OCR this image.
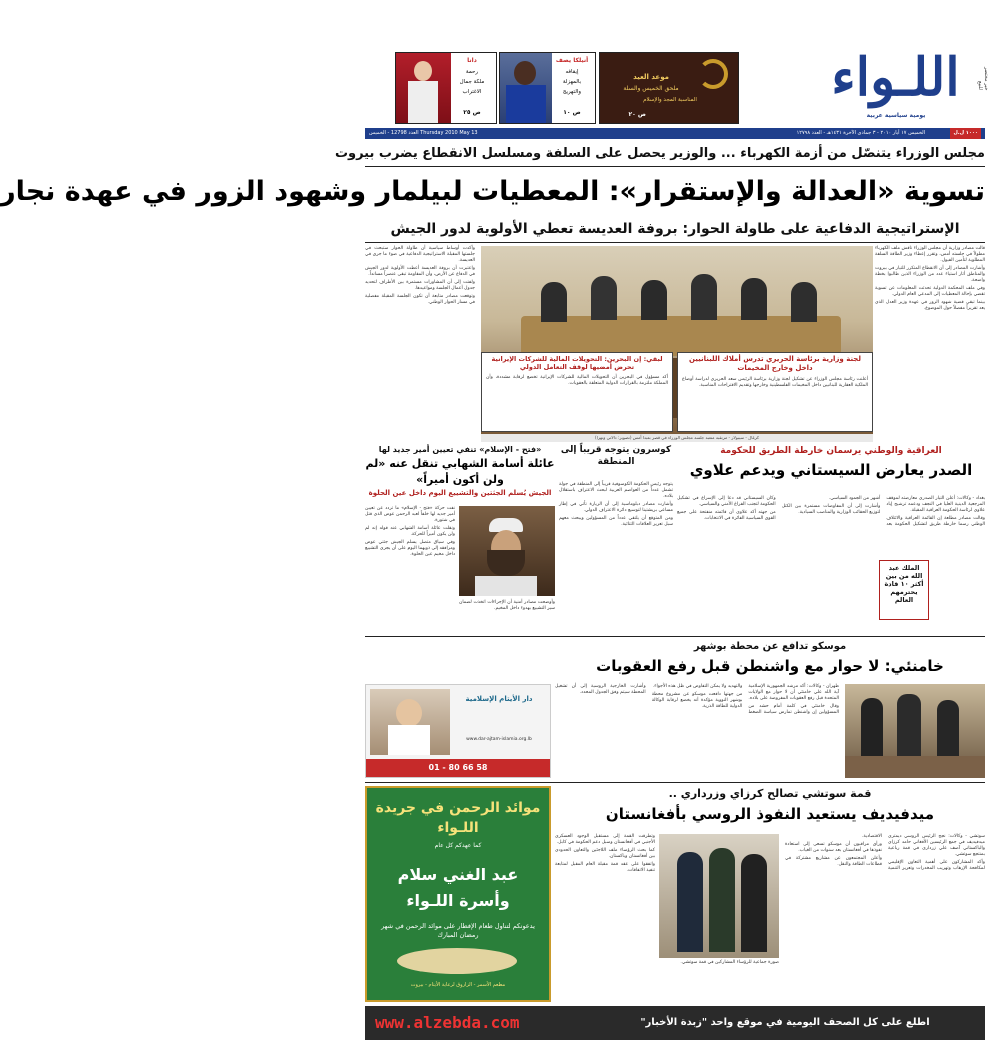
خبر مختصر للبيع
اللـواء
يومية سياسية عربية
موعد العيد
ملحق الخميس والسلة
المناسبة المجد والإسلام
ص ٢٠
أنيلكا يصف
إيقافه
بالمهزلة
والتهريج
ص ١٠
دانا
رحمة
ملكة جمال
الاغتراب
ص ٢٥
١٠٠٠ ل.ل
الخميس ١٧ أيار ٢٠١٠ - ٣ جمادى الآخرة ١٤٣١هـ - العدد ١٢٧٩٨
العدد 12798 - الخميس Thursday 2010 May 13
مجلس الوزراء يتنصّل من أزمة الكهرباء ... والوزير يحصل على السلفة ومسلسل الانقطاع يضرب بيروت
تسوية «العدالة والإستقرار»: المعطيات لبيلمار وشهود الزور في عهدة نجار
الإستراتيجية الدفاعية على طاولة الحوار: بروفة العديسة تعطي الأولوية لدور الجيش

قالت مصادر وزارية أن مجلس الوزراء ناقش ملف الكهرباء مطولاً في جلسته أمس، وتقرر إعطاء وزير الطاقة السلفة المطلوبة لتأمين الفيول.

وأشارت المصادر إلى أن الانقطاع المتكرر للتيار في بيروت والمناطق أثار استياء عدد من الوزراء الذين طالبوا بخطة واضحة.

وفي ملف المحكمة الدولية تحدثت المعلومات عن تسوية تقضي بإحالة المعطيات إلى المدعي العام الدولي.

بينما تبقى قضية شهود الزور في عهدة وزير العدل الذي يعد تقريراً مفصلاً حول الموضوع.

كرغال - سيبولار - مرتقبة متعبة جلسة مجلس الوزراء في قصر بعبدا أمس (تصوير: دالاتي ونهرا)

وأكدت أوساط سياسية أن طاولة الحوار ستبحث في جلستها المقبلة الاستراتيجية الدفاعية في ضوء ما جرى في العديسة.

واعتبرت أن بروفة العديسة أعطت الأولوية لدور الجيش في الدفاع عن الأرض، وأن المقاومة تبقى عنصراً مسانداً.

ولفتت إلى أن المشاورات مستمرة بين الأطراف لتحديد جدول أعمال الجلسة ومواعيدها.

وتوقعت مصادر متابعة أن تكون الجلسة المقبلة مفصلية في مسار الحوار الوطني.

لجنة وزارية برئاسة الحريري تدرس أملاك اللبنانيين داخل وخارج المخيمات
أعلنت رئاسة مجلس الوزراء عن تشكيل لجنة وزارية برئاسة الرئيس سعد الحريري لدراسة أوضاع الملكية العقارية للبنانيين داخل المخيمات الفلسطينية وخارجها وتقديم الاقتراحات المناسبة.
لبقي: إن البحرين: التحويلات المالية للشركات الإيرانية تحرض أمضيها لوقف التعامل الدولي
أكد مسؤول في البحرين أن التحويلات المالية للشركات الإيرانية تخضع لرقابة مشددة، وأن المملكة ملتزمة بالقرارات الدولية المتعلقة بالعقوبات.
العراقية والوطني يرسمان خارطة الطريق للحكومة
الصدر يعارض السيستاني ويدعم علاوي

بغداد - وكالات: أعلن التيار الصدري معارضته لموقف المرجعية الدينية العليا في النجف ودعمه ترشيح إياد علاوي لرئاسة الحكومة العراقية المقبلة.

وقالت مصادر مطلعة إن القائمة العراقية والائتلاف الوطني رسما خارطة طريق لتشكيل الحكومة بعد أشهر من الجمود السياسي.

وأشارت إلى أن المفاوضات مستمرة بين الكتل لتوزيع الحقائب الوزارية والمناصب السيادية.

وكان السيستاني قد دعا إلى الإسراع في تشكيل الحكومة لتجنب الفراغ الأمني والسياسي.

من جهته أكد علاوي أن قائمته منفتحة على جميع القوى السياسية الفائزة في الانتخابات.

الملك عبد الله من بين أكثر ١٠ قادة يحترمهم العالم
كوسرون يتوجه قريباً إلى المنطقة

يتوجه رئيس الحكومة الكوسوفية قريباً إلى المنطقة في جولة تشمل عدداً من العواصم العربية لبحث الاعتراف باستقلال بلاده.

وأشارت مصادر دبلوماسية إلى أن الزيارة تأتي في إطار مساعي بريشتينا لتوسيع دائرة الاعتراف الدولي.

ومن المتوقع أن يلتقي عدداً من المسؤولين ويبحث معهم سبل تعزيز العلاقات الثنائية.

«فتح - الإسلام» تنفي تعيين أمير جديد لها
عائلة أسامة الشهابي تنقل عنه «لم ولن أكون أميراً»
الجيش يُسلم الجثتين والتشييع اليوم داخل عين الحلوة

نفت حركة «فتح - الإسلام» ما تردد عن تعيين أمير جديد لها خلفاً لعبد الرحمن عوض الذي قتل في شتورة.

ونقلت عائلة أسامة الشهابي عنه قوله إنه لم ولن يكون أميراً للحركة.

وفي سياق متصل يسلم الجيش جثتي عوض ومرافقه إلى ذويهما اليوم على أن يجري التشييع داخل مخيم عين الحلوة.

وأوضحت مصادر أمنية أن الإجراءات اتخذت لضمان سير التشييع بهدوء داخل المخيم.

موسكو تدافع عن محطة بوشهر
خامنئي: لا حوار مع واشنطن قبل رفع العقوبات

طهران - وكالات: أكد مرشد الجمهورية الإسلامية آية الله علي خامنئي أن لا حوار مع الولايات المتحدة قبل رفع العقوبات المفروضة على بلاده.

وقال خامنئي في كلمة أمام حشد من المسؤولين إن واشنطن تمارس سياسة الضغط والتهديد ولا يمكن التفاوض في ظل هذه الأجواء.

من جهتها دافعت موسكو عن مشروع محطة بوشهر النووية مؤكدة أنه يخضع لرقابة الوكالة الدولية للطاقة الذرية.

وأشارت الخارجية الروسية إلى أن تشغيل المحطة سيتم وفق الجدول المحدد.

دار الأيتام الإسلامية
www.dar-ajtam-islamia.org.lb
01 - 80 66 58
قمة سوتشي تصالح كرزاي وزرداري ..
ميدفيديف يستعيد النفوذ الروسي بأفغانستان

سوتشي - وكالات: نجح الرئيس الروسي ديمتري ميدفيديف في جمع الرئيسين الأفغاني حامد كرزاي والباكستاني آصف علي زرداري في قمة رباعية بمنتجع سوتشي.

وأكد المشاركون على أهمية التعاون الإقليمي لمكافحة الإرهاب وتهريب المخدرات وتعزيز التنمية الاقتصادية.

ورأى مراقبون أن موسكو تسعى إلى استعادة نفوذها في أفغانستان بعد سنوات من الغياب.

وأعلن المجتمعون عن مشاريع مشتركة في قطاعات الطاقة والنقل.

وتطرقت القمة إلى مستقبل الوجود العسكري الأجنبي في أفغانستان وسبل دعم الحكومة في كابل.

كما بحث الرؤساء ملف اللاجئين والتعاون الحدودي بين أفغانستان وباكستان.

واتفقوا على عقد قمة مقبلة العام المقبل لمتابعة تنفيذ الاتفاقات.

صورة جماعية للرؤساء المشاركين في قمة سوتشي.

موائد الرحمن في جريدة اللـواء
كما عهدكم كل عام
عبد الغني سلام وأسرة اللـواء
يدعونكم لتناول طعام الإفطار على موائد الرحمن في شهر رمضان المبارك
مطعم الأسمر - الزاروق لرعاية الأيتام - بيروت
www.alzebda.com	اطلع على كل الصحف اليومية في موقع واحد "زبدة الأخبار"
